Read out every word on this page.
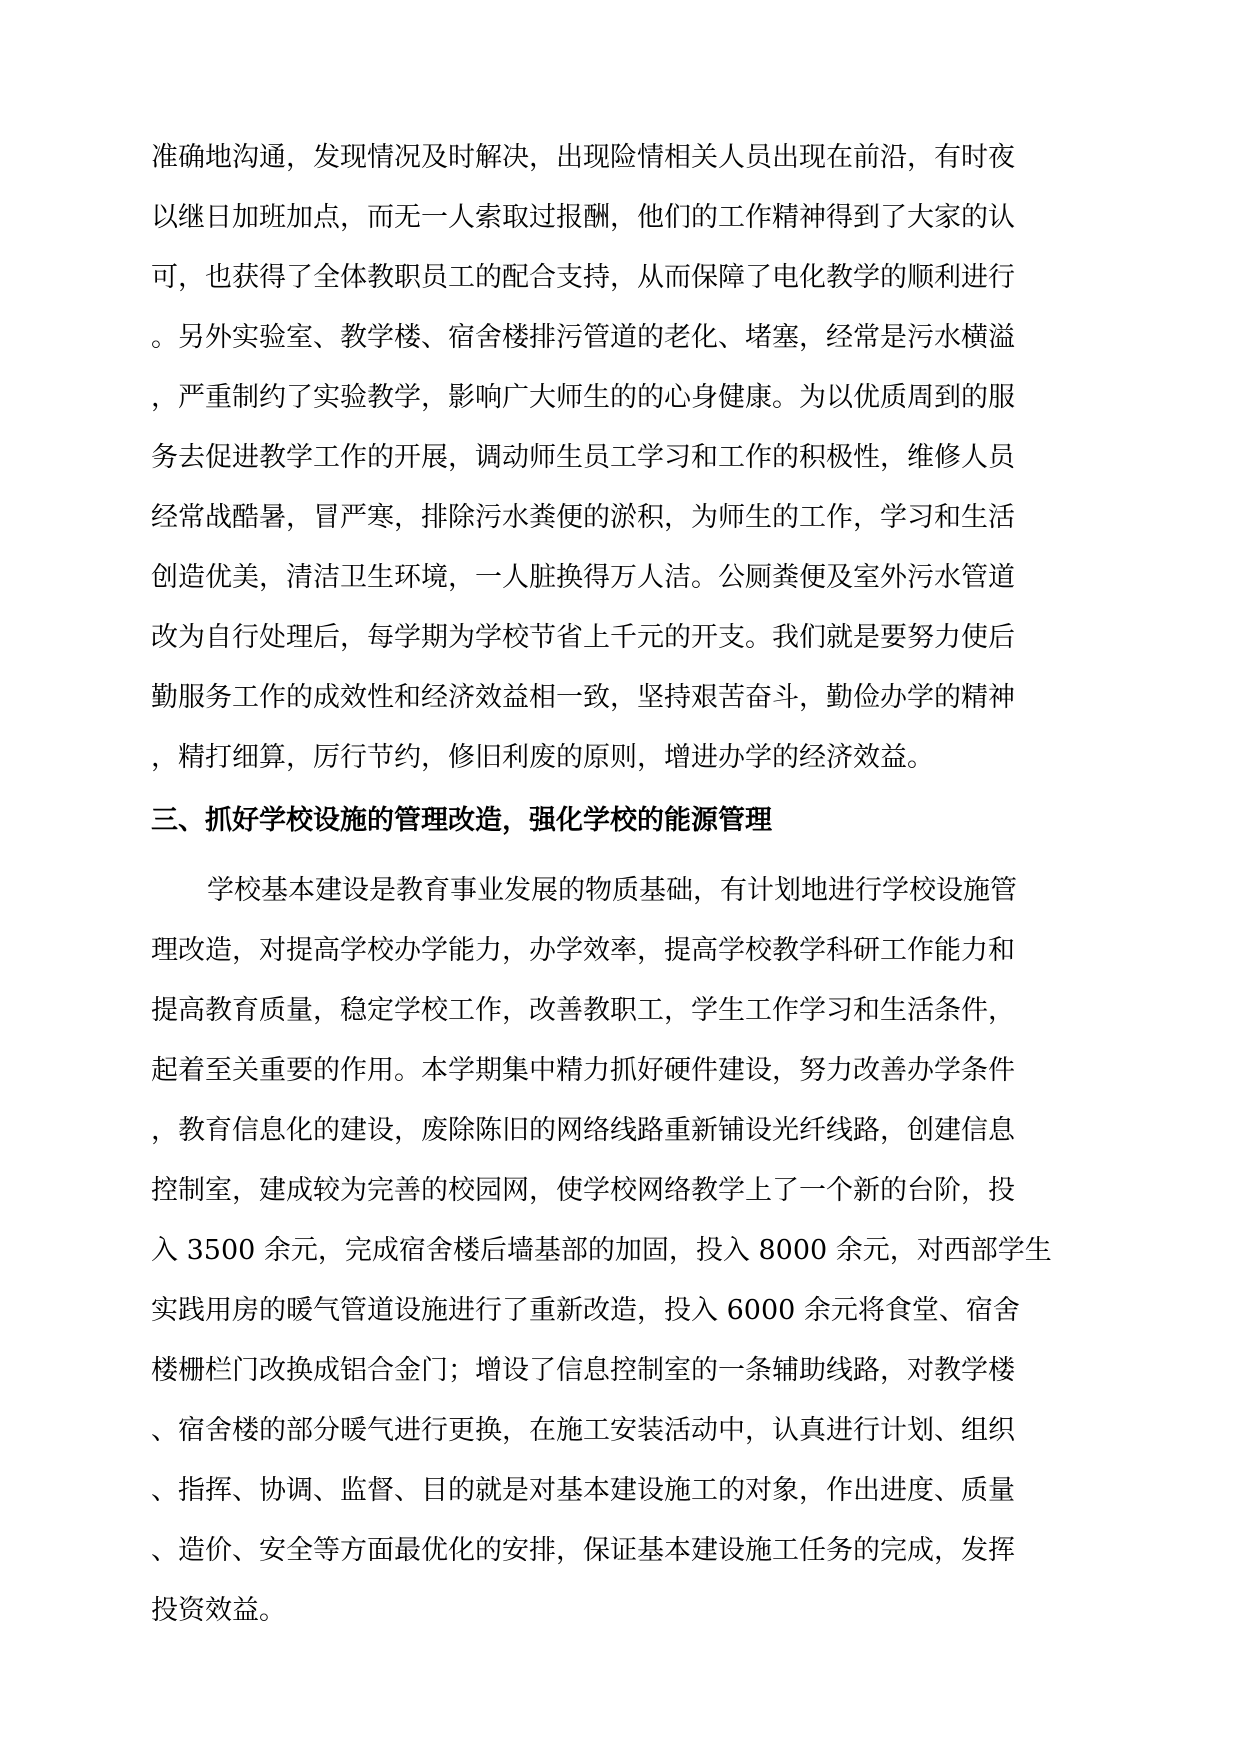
准确地沟通，发现情况及时解决，出现险情相关人员出现在前沿，有时夜
以继日加班加点，而无一人索取过报酬，他们的工作精神得到了大家的认
可，也获得了全体教职员工的配合支持，从而保障了电化教学的顺利进行
。另外实验室、教学楼、宿舍楼排污管道的老化、堵塞，经常是污水横溢
，严重制约了实验教学，影响广大师生的的心身健康。为以优质周到的服
务去促进教学工作的开展，调动师生员工学习和工作的积极性，维修人员
经常战酷暑，冒严寒，排除污水粪便的淤积，为师生的工作，学习和生活
创造优美，清洁卫生环境，一人脏换得万人洁。公厕粪便及室外污水管道
改为自行处理后，每学期为学校节省上千元的开支。我们就是要努力使后
勤服务工作的成效性和经济效益相一致，坚持艰苦奋斗，勤俭办学的精神
，精打细算，厉行节约，修旧利废的原则，增进办学的经济效益。
三、抓好学校设施的管理改造，强化学校的能源管理
学校基本建设是教育事业发展的物质基础，有计划地进行学校设施管
理改造，对提高学校办学能力，办学效率，提高学校教学科研工作能力和
提高教育质量，稳定学校工作，改善教职工，学生工作学习和生活条件，
起着至关重要的作用。本学期集中精力抓好硬件建设，努力改善办学条件
，教育信息化的建设，废除陈旧的网络线路重新铺设光纤线路，创建信息
控制室，建成较为完善的校园网，使学校网络教学上了一个新的台阶，投
入 3500 余元，完成宿舍楼后墙基部的加固，投入 8000 余元，对西部学生
实践用房的暖气管道设施进行了重新改造，投入 6000 余元将食堂、宿舍
楼栅栏门改换成铝合金门；增设了信息控制室的一条辅助线路，对教学楼
、宿舍楼的部分暖气进行更换，在施工安装活动中，认真进行计划、组织
、指挥、协调、监督、目的就是对基本建设施工的对象，作出进度、质量
、造价、安全等方面最优化的安排，保证基本建设施工任务的完成，发挥
投资效益。
